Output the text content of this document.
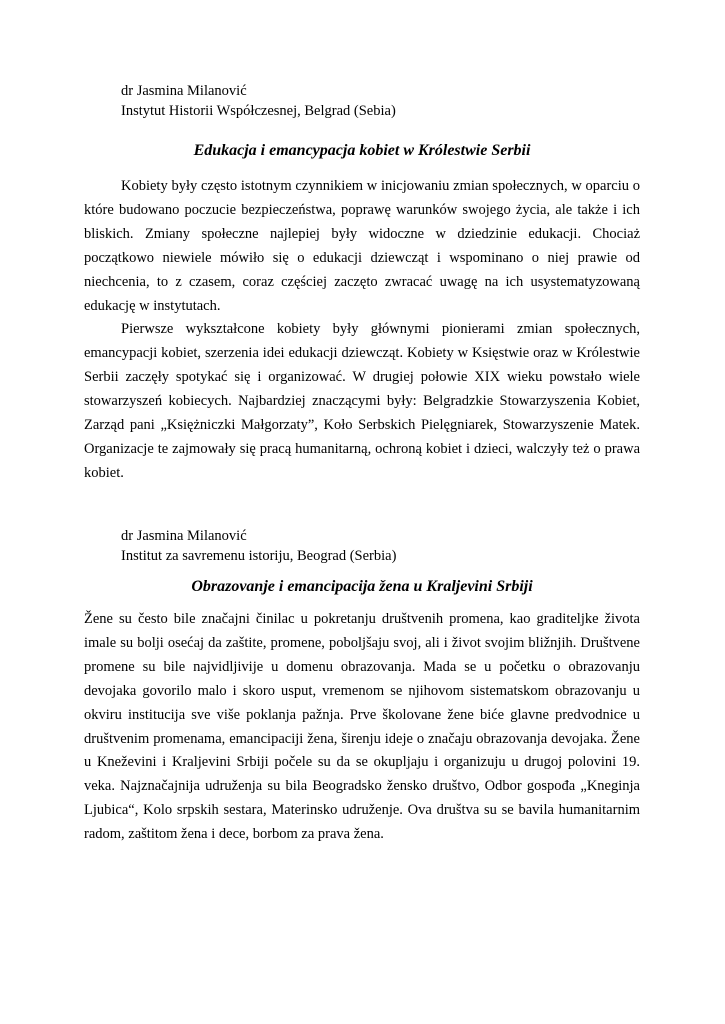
dr Jasmina Milanović
Instytut Historii Współczesnej, Belgrad (Sebia)
Edukacja i emancypacja kobiet w Królestwie Serbii

Kobiety były często istotnym czynnikiem w inicjowaniu zmian społecznych, w oparciu o które budowano poczucie bezpieczeństwa, poprawę warunków swojego życia, ale także i ich bliskich. Zmiany społeczne najlepiej były widoczne w dziedzinie edukacji. Chociaż początkowo niewiele mówiło się o edukacji dziewcząt i wspominano o niej prawie od niechcenia, to z czasem, coraz częściej zaczęto zwracać uwagę na ich usystematyzowaną edukację w instytutach.

Pierwsze wykształcone kobiety były głównymi pionierami zmian społecznych, emancypacji kobiet, szerzenia idei edukacji dziewcząt. Kobiety w Księstwie oraz w Królestwie Serbii zaczęły spotykać się i organizować. W drugiej połowie XIX wieku powstało wiele stowarzyszeń kobiecych. Najbardziej znaczącymi były: Belgradzkie Stowarzyszenia Kobiet, Zarząd pani „Księżniczki Małgorzaty”, Koło Serbskich Pielęgniarek, Stowarzyszenie Matek. Organizacje te zajmowały się pracą humanitarną, ochroną kobiet i dzieci, walczyły też o prawa kobiet.

dr Jasmina Milanović
Institut za savremenu istoriju, Beograd (Serbia)
Obrazovanje i emancipacija žena u Kraljevini Srbiji

Žene su često bile značajni činilac u pokretanju društvenih promena, kao graditeljke života imale su bolji osećaj da zaštite, promene, poboljšaju svoj, ali i život svojim bližnjih. Društvene promene su bile najvidljivije u domenu obrazovanja. Mada se u početku o obrazovanju devojaka govorilo malo i skoro usput, vremenom se njihovom sistematskom obrazovanju u okviru institucija sve više poklanja pažnja. Prve školovane žene biće glavne predvodnice u društvenim promenama, emancipaciji žena, širenju ideje o značaju obrazovanja devojaka. Žene u Kneževini i Kraljevini Srbiji počele su da se okupljaju i organizuju u drugoj polovini 19. veka. Najznačajnija udruženja su bila Beogradsko žensko društvo, Odbor gospođa „Kneginja Ljubica“, Kolo srpskih sestara, Materinsko udruženje. Ova društva su se bavila humanitarnim radom, zaštitom žena i dece, borbom za prava žena.
